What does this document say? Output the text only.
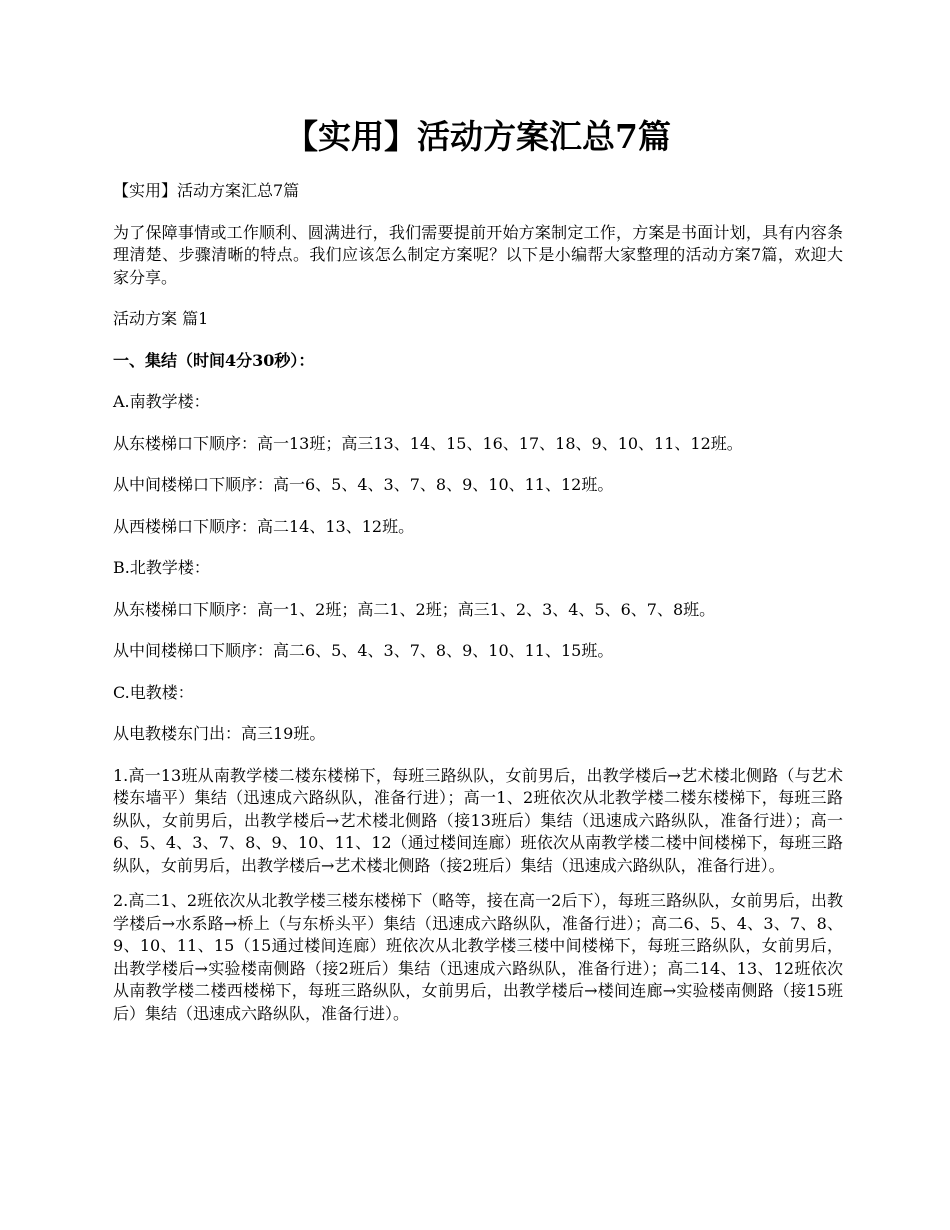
【实用】活动方案汇总7篇

【实用】活动方案汇总7篇

为了保障事情或工作顺利、圆满进行，我们需要提前开始方案制定工作，方案是书面计划，具有内容条理清楚、步骤清晰的特点。我们应该怎么制定方案呢？以下是小编帮大家整理的活动方案7篇，欢迎大家分享。

活动方案 篇1

一、集结（时间4分30秒）：

A.南教学楼：

从东楼梯口下顺序：高一13班；高三13、14、15、16、17、18、9、10、11、12班。

从中间楼梯口下顺序：高一6、5、4、3、7、8、9、10、11、12班。

从西楼梯口下顺序：高二14、13、12班。

B.北教学楼：

从东楼梯口下顺序：高一1、2班；高二1、2班；高三1、2、3、4、5、6、7、8班。

从中间楼梯口下顺序：高二6、5、4、3、7、8、9、10、11、15班。

C.电教楼：

从电教楼东门出：高三19班。

1.高一13班从南教学楼二楼东楼梯下，每班三路纵队，女前男后，出教学楼后→艺术楼北侧路（与艺术楼东墙平）集结（迅速成六路纵队，准备行进）；高一1、2班依次从北教学楼二楼东楼梯下，每班三路纵队，女前男后，出教学楼后→艺术楼北侧路（接13班后）集结（迅速成六路纵队，准备行进）；高一6、5、4、3、7、8、9、10、11、12（通过楼间连廊）班依次从南教学楼二楼中间楼梯下，每班三路纵队，女前男后，出教学楼后→艺术楼北侧路（接2班后）集结（迅速成六路纵队，准备行进）。

2.高二1、2班依次从北教学楼三楼东楼梯下（略等，接在高一2后下），每班三路纵队，女前男后，出教学楼后→水系路→桥上（与东桥头平）集结（迅速成六路纵队，准备行进）；高二6、5、4、3、7、8、9、10、11、15（15通过楼间连廊）班依次从北教学楼三楼中间楼梯下，每班三路纵队，女前男后，出教学楼后→实验楼南侧路（接2班后）集结（迅速成六路纵队，准备行进）；高二14、13、12班依次从南教学楼二楼西楼梯下，每班三路纵队，女前男后，出教学楼后→楼间连廊→实验楼南侧路（接15班后）集结（迅速成六路纵队，准备行进）。
